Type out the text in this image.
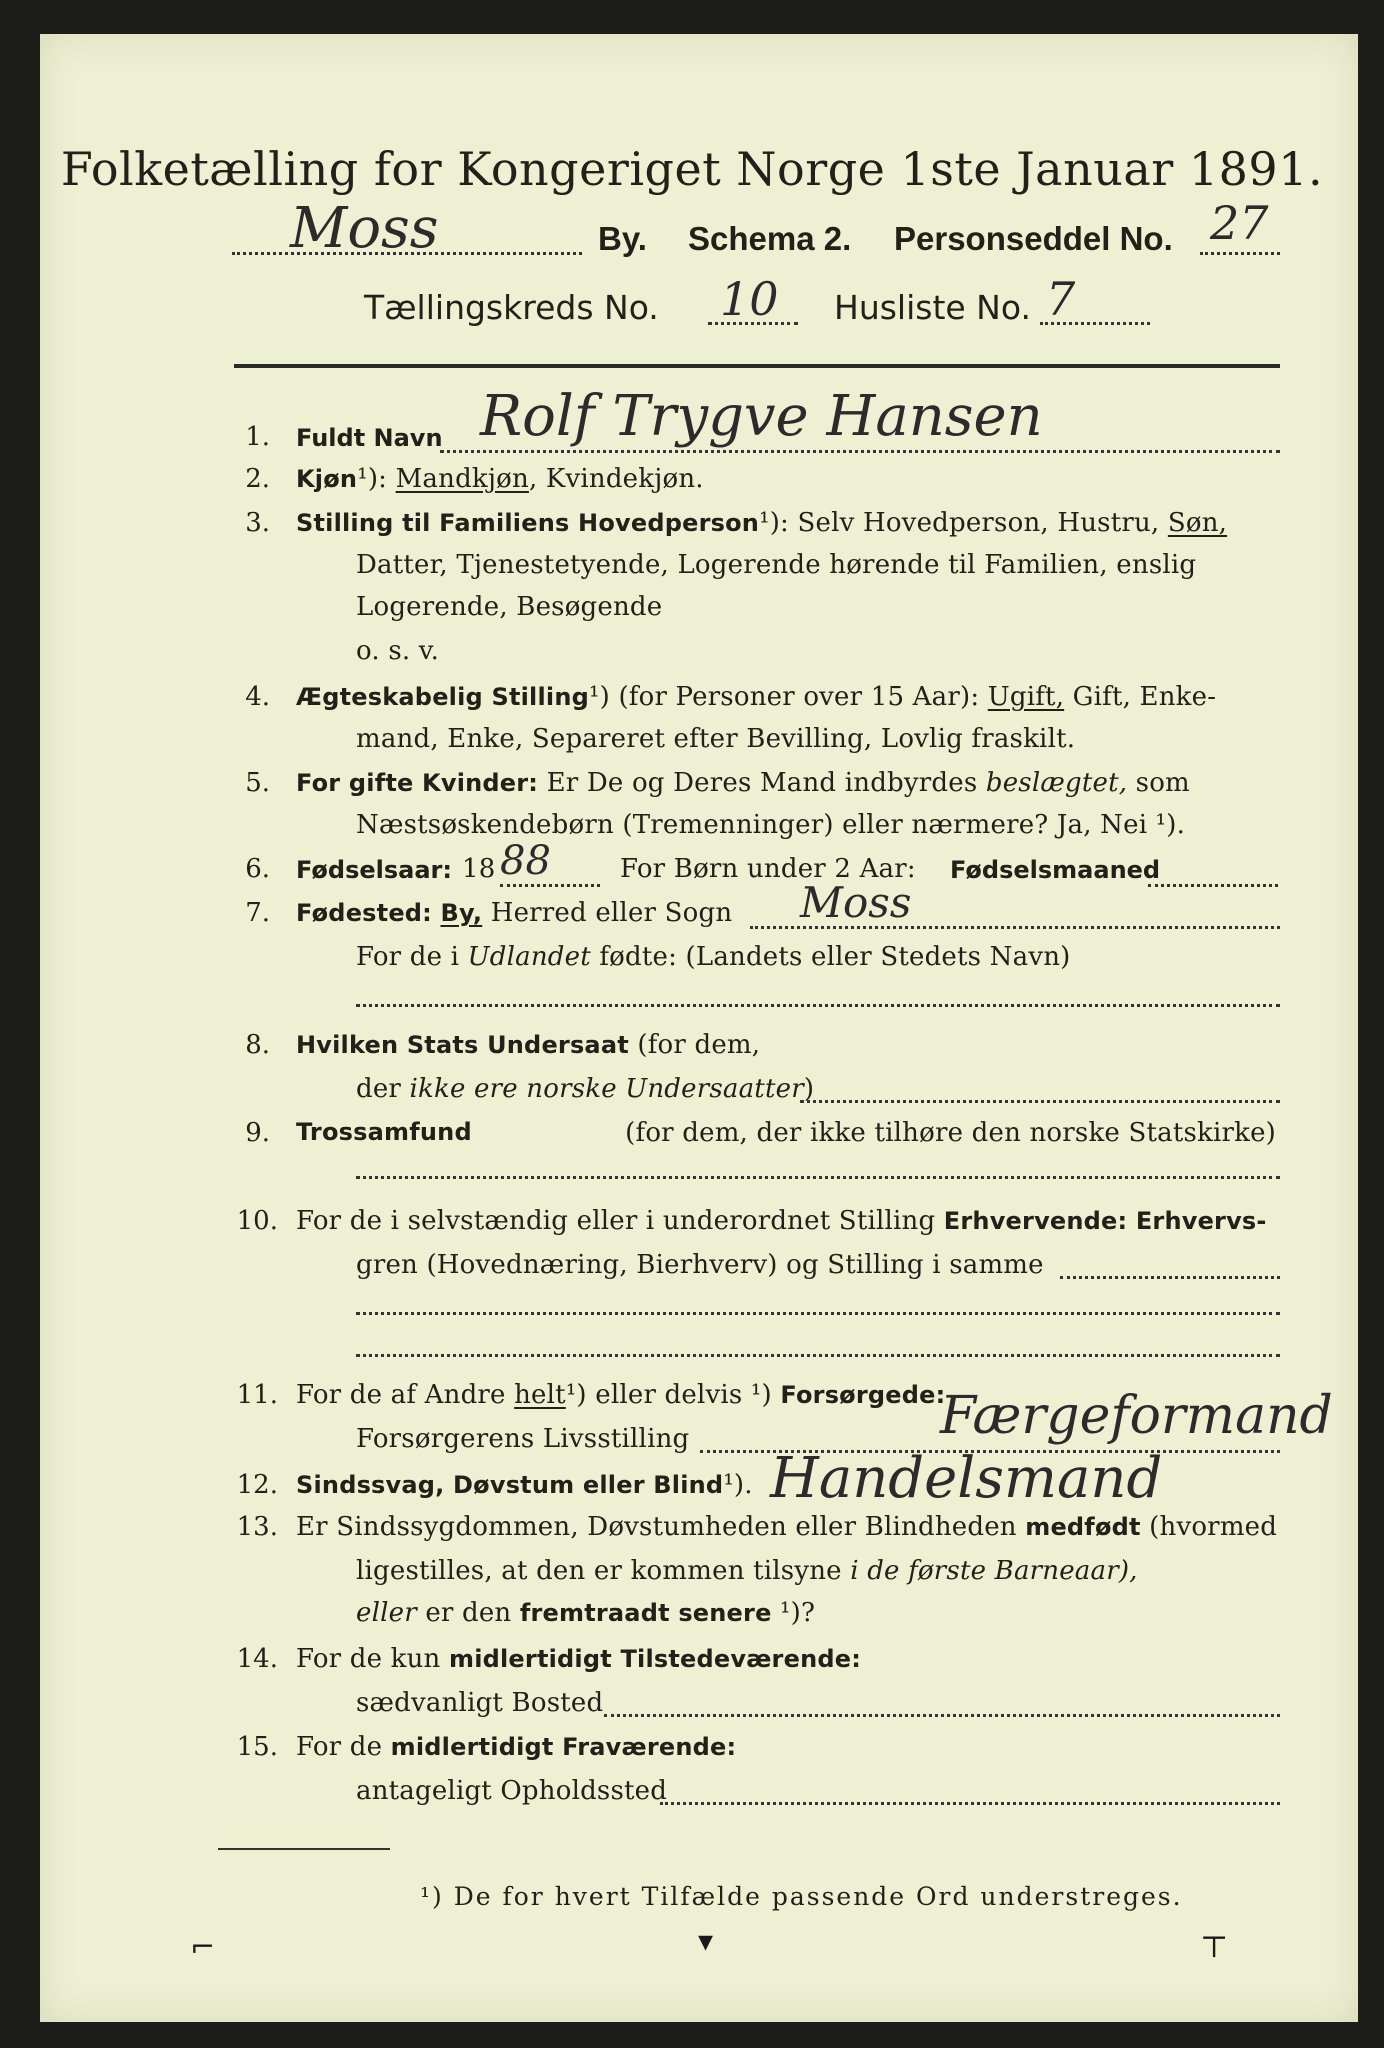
Folketælling for Kongeriget Norge 1ste Januar 1891.
Moss	By. Schema 2. Personseddel No. 27
Tællingskreds No. 10 Husliste No. 7
1. Fuldt Navn Rolf Trygve Hansen
2. Kjøn¹): Mandkjøn, Kvindekjøn.
3. Stilling til Familiens Hovedperson¹): Selv Hovedperson, Hustru, Søn,
Datter, Tjenestetyende, Logerende hørende til Familien, enslig
Logerende, Besøgende
o. s. v.
4. Ægteskabelig Stilling¹) (for Personer over 15 Aar): Ugift, Gift, Enke-
mand, Enke, Separeret efter Bevilling, Lovlig fraskilt.
5. For gifte Kvinder: Er De og Deres Mand indbyrdes beslægtet, som
Næstsøskendebørn (Tremenninger) eller nærmere? Ja, Nei ¹).
6. Fødselsaar: 18 88	For Børn under 2 Aar: Fødselsmaaned
7. Fødested: By, Herred eller Sogn Moss
For de i Udlandet fødte: (Landets eller Stedets Navn)
8. Hvilken Stats Undersaat (for dem,
der ikke ere norske Undersaatter)
9. Trossamfund	(for dem, der ikke tilhøre den norske Statskirke)
10. For de i selvstændig eller i underordnet Stilling Erhvervende: Erhvervs-
gren (Hovednæring, Bierhverv) og Stilling i samme
11. For de af Andre helt¹) eller delvis ¹) Forsørgede:
Forsørgerens Livsstilling	Færgeformand
12. Sindssvag, Døvstum eller Blind¹). Handelsmand
13. Er Sindssygdommen, Døvstumheden eller Blindheden medfødt (hvormed
ligestilles, at den er kommen tilsyne i de første Barneaar),
eller er den fremtraadt senere ¹)?
14. For de kun midlertidigt Tilstedeværende:
sædvanligt Bosted
15. For de midlertidigt Fraværende:
antageligt Opholdssted
¹) De for hvert Tilfælde passende Ord understreges.
⌐	▾	⊤
